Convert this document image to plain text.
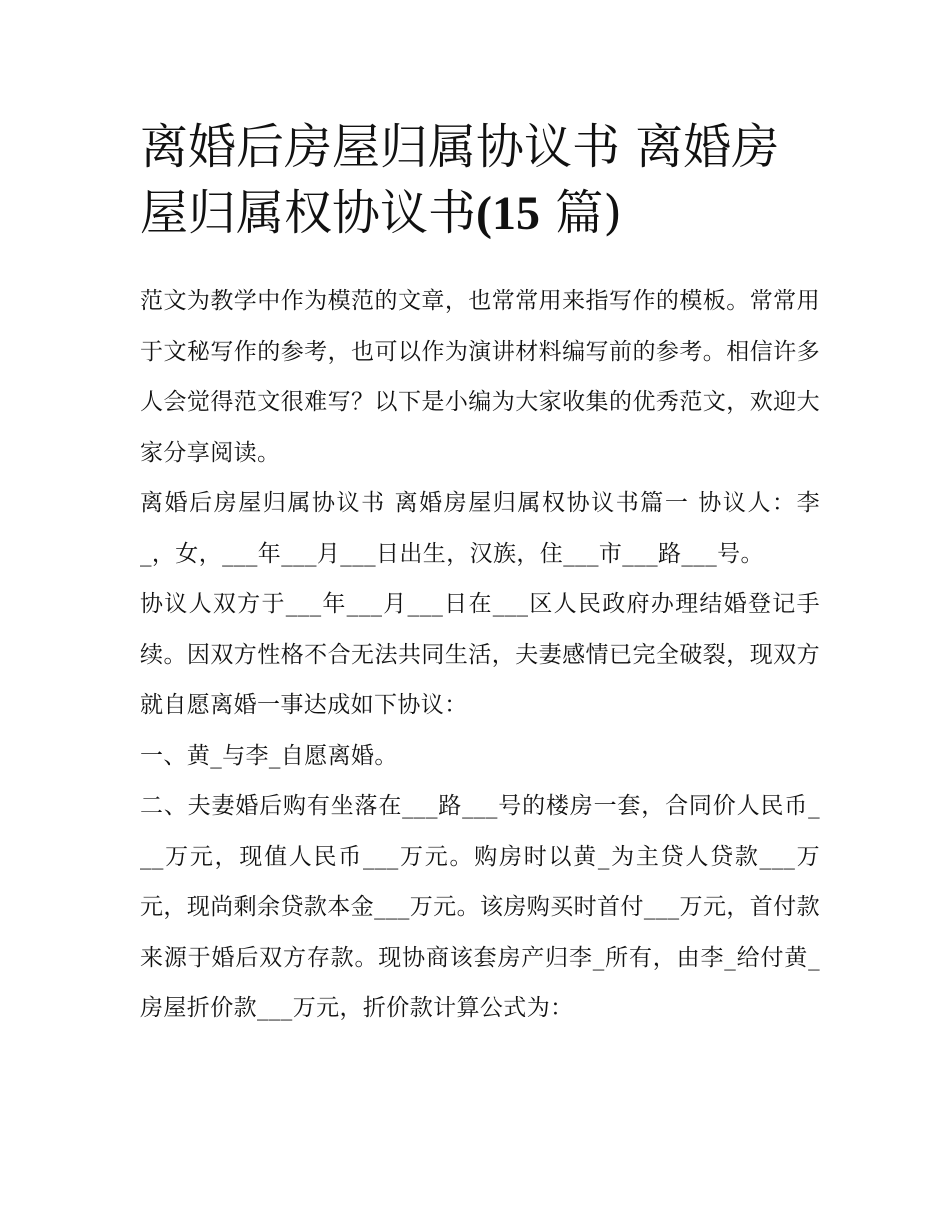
离婚后房屋归属协议书 离婚房屋归属权协议书(15 篇)

范文为教学中作为模范的文章，也常常用来指写作的模板。常常用于文秘写作的参考，也可以作为演讲材料编写前的参考。相信许多人会觉得范文很难写？以下是小编为大家收集的优秀范文，欢迎大家分享阅读。

离婚后房屋归属协议书 离婚房屋归属权协议书篇一 协议人：李_，女，___年___月___日出生，汉族，住___市___路___号。

协议人双方于___年___月___日在___区人民政府办理结婚登记手续。因双方性格不合无法共同生活，夫妻感情已完全破裂，现双方就自愿离婚一事达成如下协议：

一、黄_与李_自愿离婚。

二、夫妻婚后购有坐落在___路___号的楼房一套，合同价人民币___万元，现值人民币___万元。购房时以黄_为主贷人贷款___万元，现尚剩余贷款本金___万元。该房购买时首付___万元，首付款来源于婚后双方存款。现协商该套房产归李_所有，由李_给付黄_房屋折价款___万元，折价款计算公式为：
